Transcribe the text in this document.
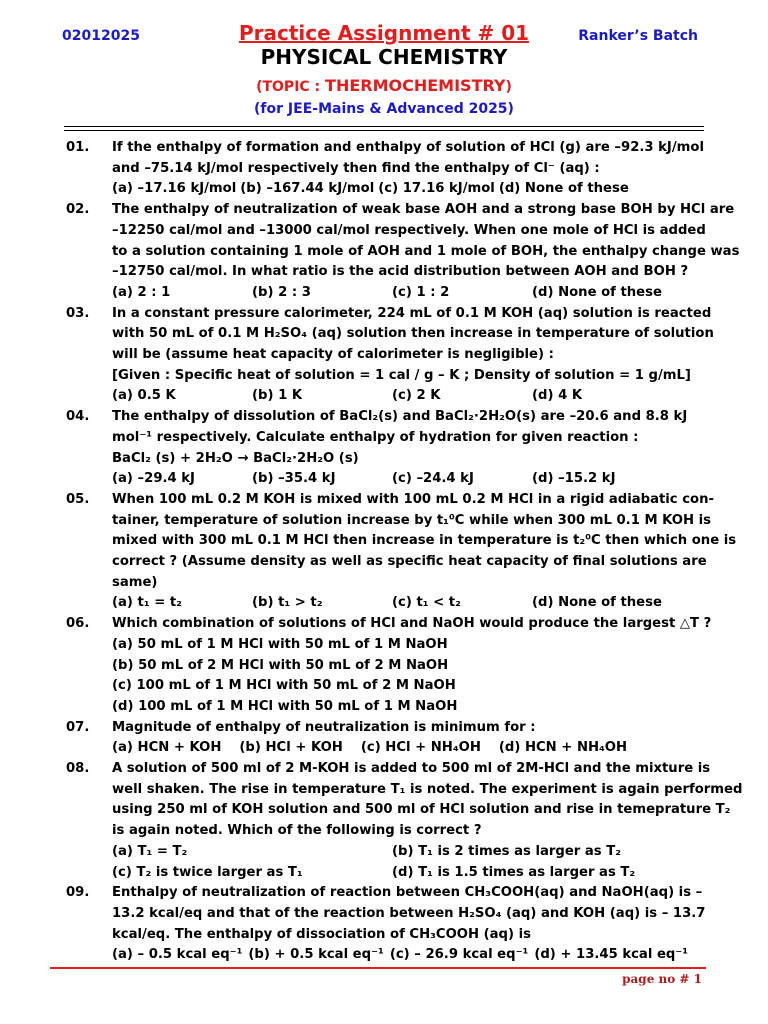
02012025	Practice Assignment # 01	Ranker’s Batch
PHYSICAL CHEMISTRY
(TOPIC : THERMOCHEMISTRY)
(for JEE-Mains & Advanced 2025)
01. If the enthalpy of formation and enthalpy of solution of HCl (g) are –92.3 kJ/mol
and –75.14 kJ/mol respectively then find the enthalpy of Cl⁻ (aq) :
(a) –17.16 kJ/mol (b) –167.44 kJ/mol (c) 17.16 kJ/mol (d) None of these
02. The enthalpy of neutralization of weak base AOH and a strong base BOH by HCl are
–12250 cal/mol and –13000 cal/mol respectively. When one mole of HCl is added
to a solution containing 1 mole of AOH and 1 mole of BOH, the enthalpy change was
–12750 cal/mol. In what ratio is the acid distribution between AOH and BOH ?
(a) 2 : 1	(b) 2 : 3	(c) 1 : 2	(d) None of these
03. In a constant pressure calorimeter, 224 mL of 0.1 M KOH (aq) solution is reacted
with 50 mL of 0.1 M H₂SO₄ (aq) solution then increase in temperature of solution
will be (assume heat capacity of calorimeter is negligible) :
[Given : Specific heat of solution = 1 cal / g – K ; Density of solution = 1 g/mL]
(a) 0.5 K	(b) 1 K	(c) 2 K	(d) 4 K
04. The enthalpy of dissolution of BaCl₂(s) and BaCl₂·2H₂O(s) are –20.6 and 8.8 kJ
mol⁻¹ respectively. Calculate enthalpy of hydration for given reaction :
BaCl₂ (s) + 2H₂O → BaCl₂·2H₂O (s)
(a) –29.4 kJ	(b) –35.4 kJ	(c) –24.4 kJ	(d) –15.2 kJ
05. When 100 mL 0.2 M KOH is mixed with 100 mL 0.2 M HCl in a rigid adiabatic con-
tainer, temperature of solution increase by t₁⁰C while when 300 mL 0.1 M KOH is
mixed with 300 mL 0.1 M HCl then increase in temperature is t₂⁰C then which one is
correct ? (Assume density as well as specific heat capacity of final solutions are
same)
(a) t₁ = t₂	(b) t₁ > t₂	(c) t₁ < t₂	(d) None of these
06. Which combination of solutions of HCl and NaOH would produce the largest △T ?
(a) 50 mL of 1 M HCl with 50 mL of 1 M NaOH
(b) 50 mL of 2 M HCl with 50 mL of 2 M NaOH
(c) 100 mL of 1 M HCl with 50 mL of 2 M NaOH
(d) 100 mL of 1 M HCl with 50 mL of 1 M NaOH
07. Magnitude of enthalpy of neutralization is minimum for :
(a) HCN + KOH (b) HCl + KOH (c) HCl + NH₄OH (d) HCN + NH₄OH
08. A solution of 500 ml of 2 M-KOH is added to 500 ml of 2M-HCl and the mixture is
well shaken. The rise in temperature T₁ is noted. The experiment is again performed
using 250 ml of KOH solution and 500 ml of HCl solution and rise in temeprature T₂
is again noted. Which of the following is correct ?
(a) T₁ = T₂	(b) T₁ is 2 times as larger as T₂
(c) T₂ is twice larger as T₁	(d) T₁ is 1.5 times as larger as T₂
09. Enthalpy of neutralization of reaction between CH₃COOH(aq) and NaOH(aq) is –
13.2 kcal/eq and that of the reaction between H₂SO₄ (aq) and KOH (aq) is – 13.7
kcal/eq. The enthalpy of dissociation of CH₃COOH (aq) is
(a) – 0.5 kcal eq⁻¹ (b) + 0.5 kcal eq⁻¹ (c) – 26.9 kcal eq⁻¹ (d) + 13.45 kcal eq⁻¹
page no # 1
